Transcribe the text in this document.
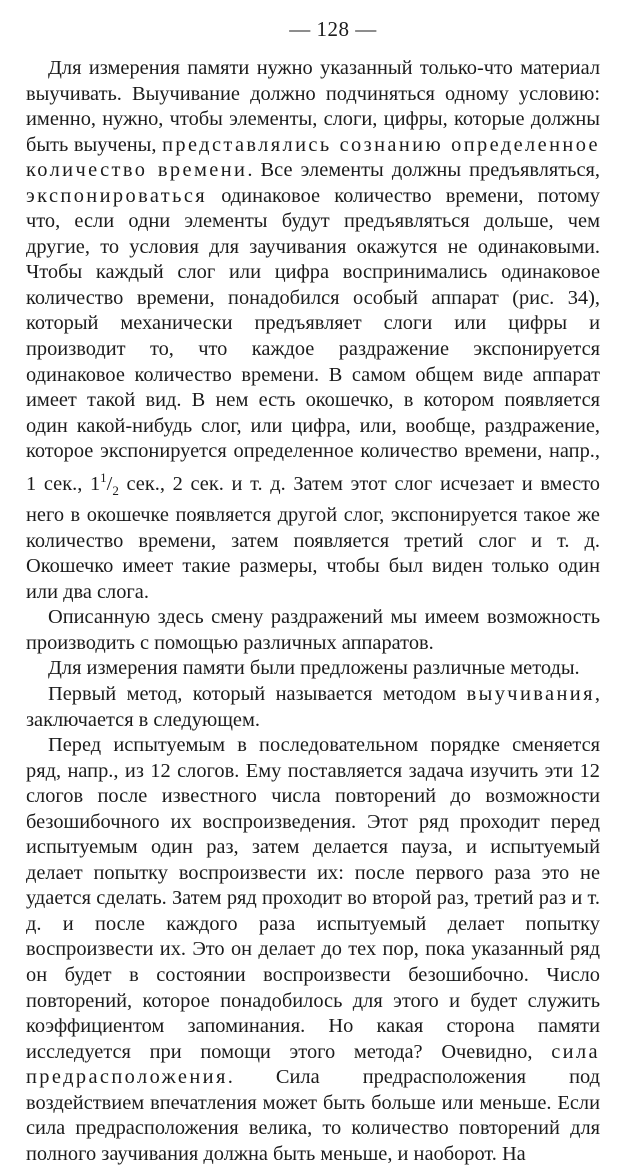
— 128 —

Для измерения памяти нужно указанный только-что материал выучивать. Выучивание должно подчиняться одному условию: именно, нужно, чтобы элементы, слоги, цифры, которые должны быть выучены, представлялись сознанию определенное количество времени. Все элементы должны предъявляться, экспонироваться одинаковое количество времени, потому что, если одни элементы будут предъявляться дольше, чем другие, то условия для заучивания окажутся не одинаковыми. Чтобы каждый слог или цифра воспринимались одинаковое количество времени, понадобился особый аппарат (рис. 34), который механически предъявляет слоги или цифры и производит то, что каждое раздражение экспонируется одинаковое количество времени. В самом общем виде аппарат имеет такой вид. В нем есть окошечко, в котором появляется один какой-нибудь слог, или цифра, или, вообще, раздражение, которое экспонируется определенное количество времени, напр., 1 сек., $1^1/_2$ сек., 2 сек. и т. д. Затем этот слог исчезает и вместо него в окошечке появляется другой слог, экспонируется такое же количество времени, затем появляется третий слог и т. д. Окошечко имеет такие размеры, чтобы был виден только один или два слога.

Описанную здесь смену раздражений мы имеем возможность производить с помощью различных аппаратов.

Для измерения памяти были предложены различные методы.

Первый метод, который называется методом выучивания, заключается в следующем.

Перед испытуемым в последовательном порядке сменяется ряд, напр., из 12 слогов. Ему поставляется задача изучить эти 12 слогов после известного числа повторений до возможности безошибочного их воспроизведения. Этот ряд проходит перед испытуемым один раз, затем делается пауза, и испытуемый делает попытку воспроизвести их: после первого раза это не удается сделать. Затем ряд проходит во второй раз, третий раз и т. д. и после каждого раза испытуемый делает попытку воспроизвести их. Это он делает до тех пор, пока указанный ряд он будет в состоянии воспроизвести безошибочно. Число повторений, которое понадобилось для этого и будет служить коэффициентом запоминания. Но какая сторона памяти исследуется при помощи этого метода? Очевидно, сила предрасположения. Сила предрасположения под воздействием впечатления может быть больше или меньше. Если сила предрасположения велика, то количество повторений для полного заучивания должна быть меньше, и наоборот. На
